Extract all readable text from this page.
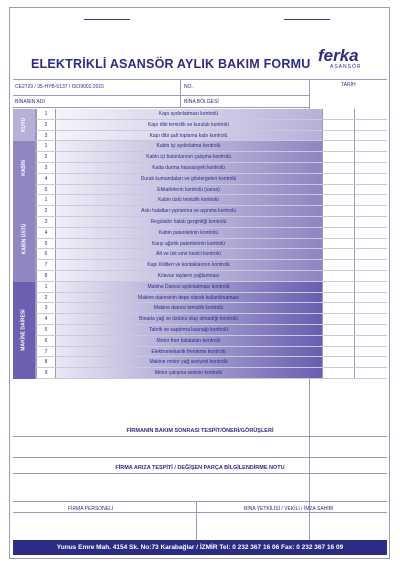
ELEKTRİKLİ ASANSÖR AYLIK BAKIM FORMU ferka
ASANSÖR
TARİH
CE2729 / 35-HYB-5137 / ISO9001:2015	NO.
BİNANIN ADI	BİNA BÖLGESİ
1	Kapı aydınlatması kontrolü
2	Kapı dibi temizlik ve kuruluk kontrolü
3	Kapı dibi şalt toplama kabı kontrolü
KUYU
1	Kabin içi aydınlatma kontrolü
2	Kabin içi butonlarının çalışma kontrolü
3	Katta durma hassasiyeti kontrolü
4	Durak kumandaları ve göstergeleri kontrolü
5	Ekitatörlerin kontrolü (varsa)
KABİN
1	Kabin üstü temizlik kontrolü
2	Askı halatları yıpranma ve aşınma kontrolü
3	Regülatör halatı gerginliği kontrolü
4	Kabin patenlerinin kontrolü
5	Karşı ağırlık patenlerinin kontrolü
6	Alt ve üst sınır kesici kontrolü
7	Kapı Kilitleri ve kontaklarının kontrolü
8	Kılavuz rayların yağlanması
KABİN ÜSTÜ
1	Makine Dairesi aydınlatması kontrolü
2	Makine dairesinin depo olarak kullanılmaması
3	Makine dairesi temizlik kontrolü
4	Binada yağ ve üstünü olup olmadığı kontrolü
5	Tahrik ve saptırma kasnağı kontrolü
6	Motor fren balataları kontrolü
7	Elektromekanik frenleme kontrolü
8	Makine motor yağ seviyesi kontrolü
9	Motor çalışma sesinin kontrolü
MAKİNE DAİRESİ
FİRMANIN BAKIM SONRASI TESPİT/ÖNERİ/GÖRÜŞLERİ
FİRMA ARIZA TESPİTİ / DEĞİŞEN PARÇA BİLGİLENDİRME NOTU
FİRMA PERSONELİ	BİNA YETKİLİSİ / VEKİLİ / İMZA SAHİBİ
Yunus Emre Mah. 4154 Sk. No:73 Karabağlar / İZMİR Tel: 0 232 367 16 06 Fax: 0 232 367 16 09
